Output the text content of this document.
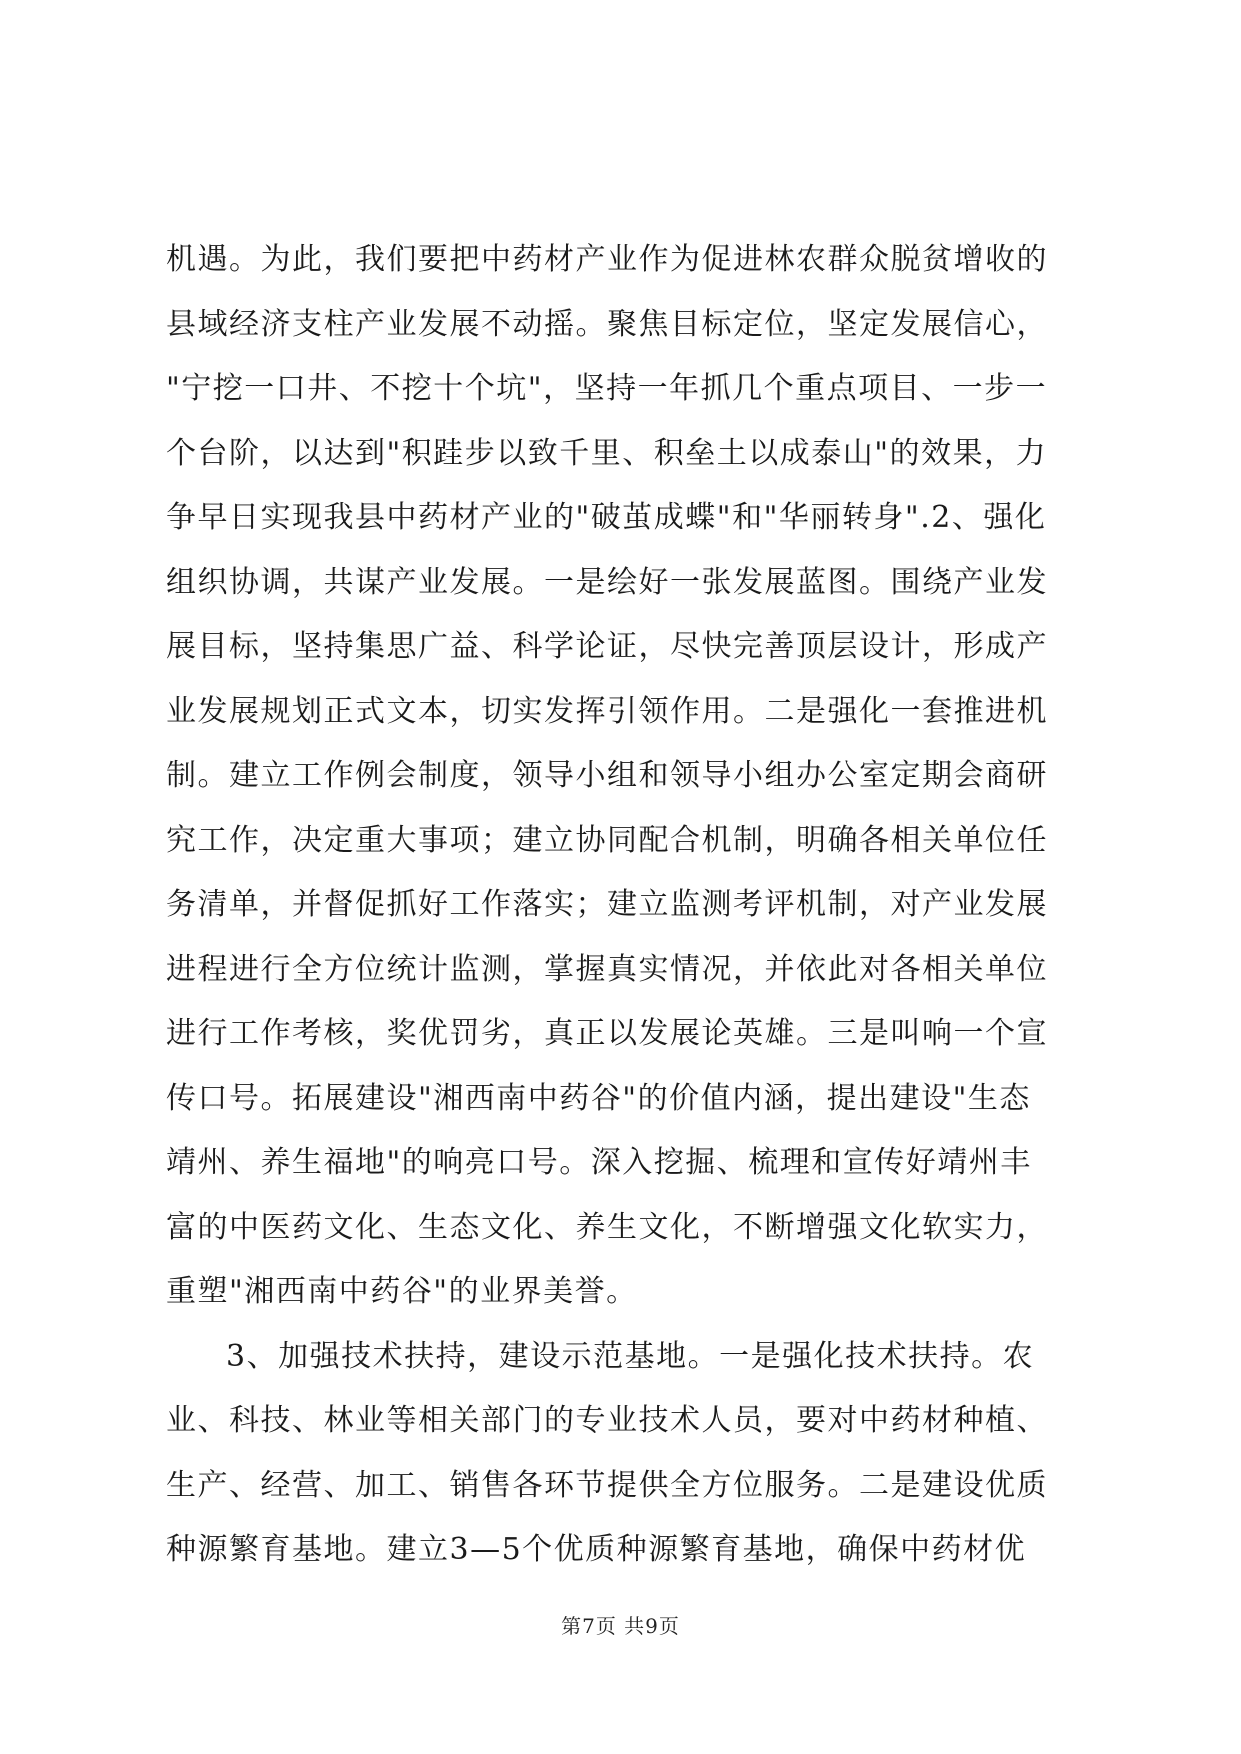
机遇。为此，我们要把中药材产业作为促进林农群众脱贫增收的
县域经济支柱产业发展不动摇。聚焦目标定位，坚定发展信心，
"宁挖一口井、不挖十个坑"，坚持一年抓几个重点项目、一步一
个台阶，以达到"积跬步以致千里、积垒土以成泰山"的效果，力
争早日实现我县中药材产业的"破茧成蝶"和"华丽转身".2、强化
组织协调，共谋产业发展。一是绘好一张发展蓝图。围绕产业发
展目标，坚持集思广益、科学论证，尽快完善顶层设计，形成产
业发展规划正式文本，切实发挥引领作用。二是强化一套推进机
制。建立工作例会制度，领导小组和领导小组办公室定期会商研
究工作，决定重大事项；建立协同配合机制，明确各相关单位任
务清单，并督促抓好工作落实；建立监测考评机制，对产业发展
进程进行全方位统计监测，掌握真实情况，并依此对各相关单位
进行工作考核，奖优罚劣，真正以发展论英雄。三是叫响一个宣
传口号。拓展建设"湘西南中药谷"的价值内涵，提出建设"生态
靖州、养生福地"的响亮口号。深入挖掘、梳理和宣传好靖州丰
富的中医药文化、生态文化、养生文化，不断增强文化软实力，
重塑"湘西南中药谷"的业界美誉。
3、加强技术扶持，建设示范基地。一是强化技术扶持。农
业、科技、林业等相关部门的专业技术人员，要对中药材种植、
生产、经营、加工、销售各环节提供全方位服务。二是建设优质
种源繁育基地。建立3—5个优质种源繁育基地，确保中药材优
第7页 共9页
